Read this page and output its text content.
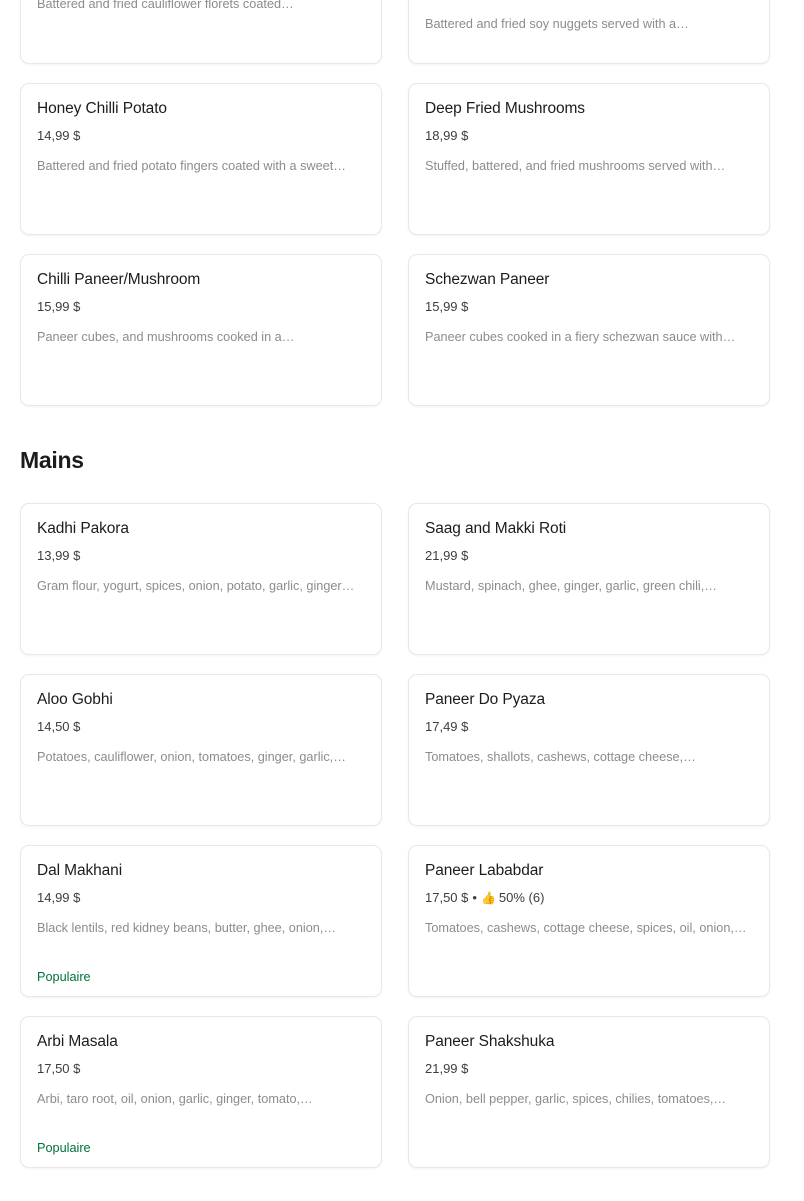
Battered and fried cauliflower florets coated…
Battered and fried soy nuggets served with a…
Honey Chilli Potato
14,99 $
Battered and fried potato fingers coated with a sweet…
Deep Fried Mushrooms
18,99 $
Stuffed, battered, and fried mushrooms served with…
Chilli Paneer/Mushroom
15,99 $
Paneer cubes, and mushrooms cooked in a…
Schezwan Paneer
15,99 $
Paneer cubes cooked in a fiery schezwan sauce with…
Mains
Kadhi Pakora
13,99 $
Gram flour, yogurt, spices, onion, potato, garlic, ginger…
Saag and Makki Roti
21,99 $
Mustard, spinach, ghee, ginger, garlic, green chili,…
Aloo Gobhi
14,50 $
Potatoes, cauliflower, onion, tomatoes, ginger, garlic,…
Paneer Do Pyaza
17,49 $
Tomatoes, shallots, cashews, cottage cheese,…
Dal Makhani
14,99 $
Black lentils, red kidney beans, butter, ghee, onion,…
Populaire
Paneer Lababdar
17,50 $ • 👍 50% (6)
Tomatoes, cashews, cottage cheese, spices, oil, onion,…
Arbi Masala
17,50 $
Arbi, taro root, oil, onion, garlic, ginger, tomato,…
Populaire
Paneer Shakshuka
21,99 $
Onion, bell pepper, garlic, spices, chilies, tomatoes,…
